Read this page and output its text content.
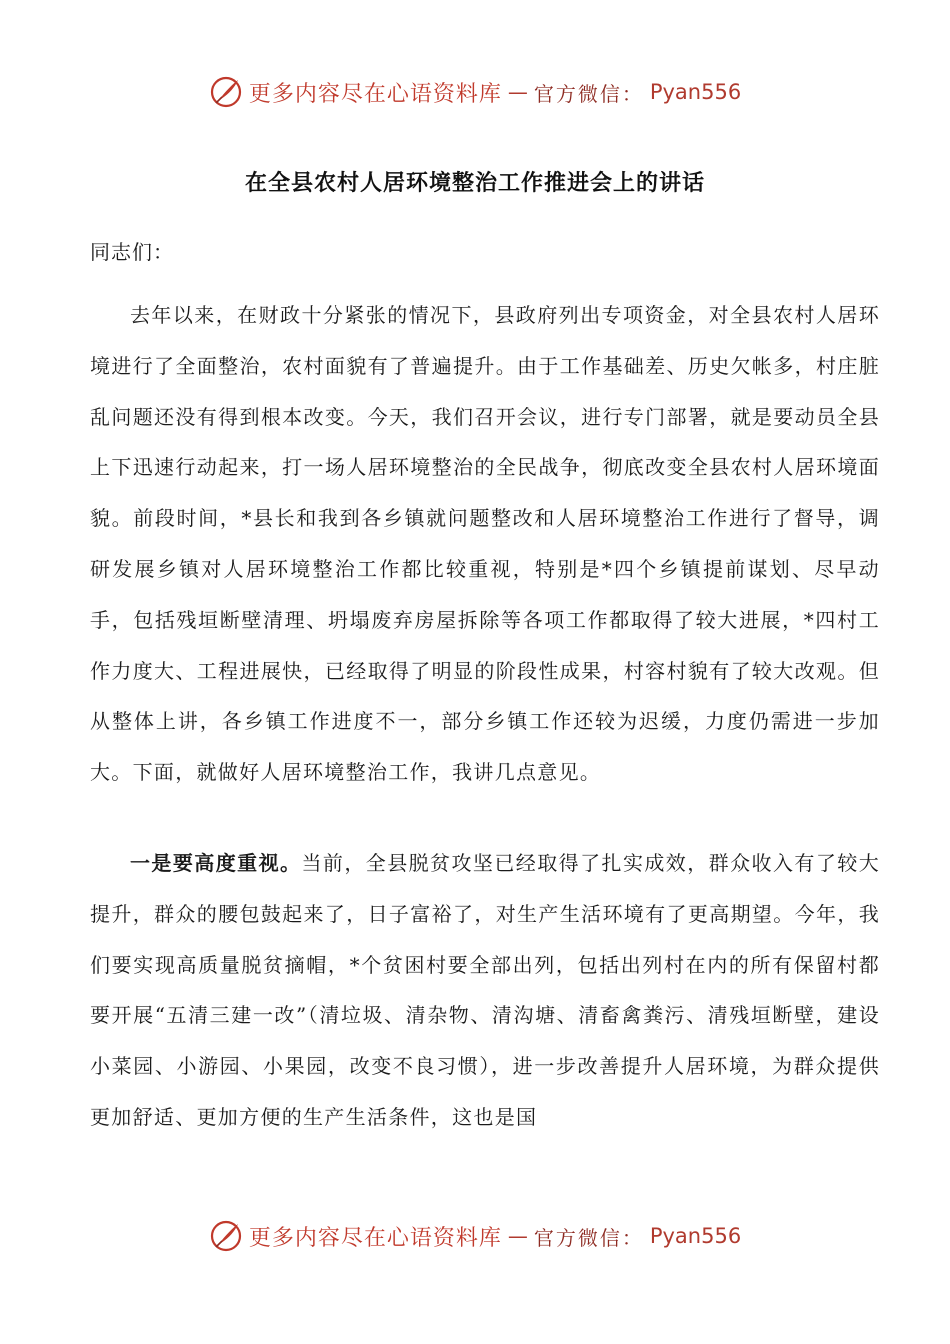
更多内容尽在心语资料库 — 官方微信： Pyan556
在全县农村人居环境整治工作推进会上的讲话
同志们：

去年以来，在财政十分紧张的情况下，县政府列出专项资金，对全县农村人居环境进行了全面整治，农村面貌有了普遍提升。由于工作基础差、历史欠帐多，村庄脏乱问题还没有得到根本改变。今天，我们召开会议，进行专门部署，就是要动员全县上下迅速行动起来，打一场人居环境整治的全民战争，彻底改变全县农村人居环境面貌。前段时间，*县长和我到各乡镇就问题整改和人居环境整治工作进行了督导，调研发展乡镇对人居环境整治工作都比较重视，特别是*四个乡镇提前谋划、尽早动手，包括残垣断壁清理、坍塌废弃房屋拆除等各项工作都取得了较大进展，*四村工作力度大、工程进展快，已经取得了明显的阶段性成果，村容村貌有了较大改观。但从整体上讲，各乡镇工作进度不一，部分乡镇工作还较为迟缓，力度仍需进一步加大。下面，就做好人居环境整治工作，我讲几点意见。

一是要高度重视。当前，全县脱贫攻坚已经取得了扎实成效，群众收入有了较大提升，群众的腰包鼓起来了，日子富裕了，对生产生活环境有了更高期望。今年，我们要实现高质量脱贫摘帽，*个贫困村要全部出列，包括出列村在内的所有保留村都要开展“五清三建一改”（清垃圾、清杂物、清沟塘、清畜禽粪污、清残垣断壁，建设小菜园、小游园、小果园，改变不良习惯），进一步改善提升人居环境，为群众提供更加舒适、更加方便的生产生活条件，这也是国

更多内容尽在心语资料库 — 官方微信： Pyan556
